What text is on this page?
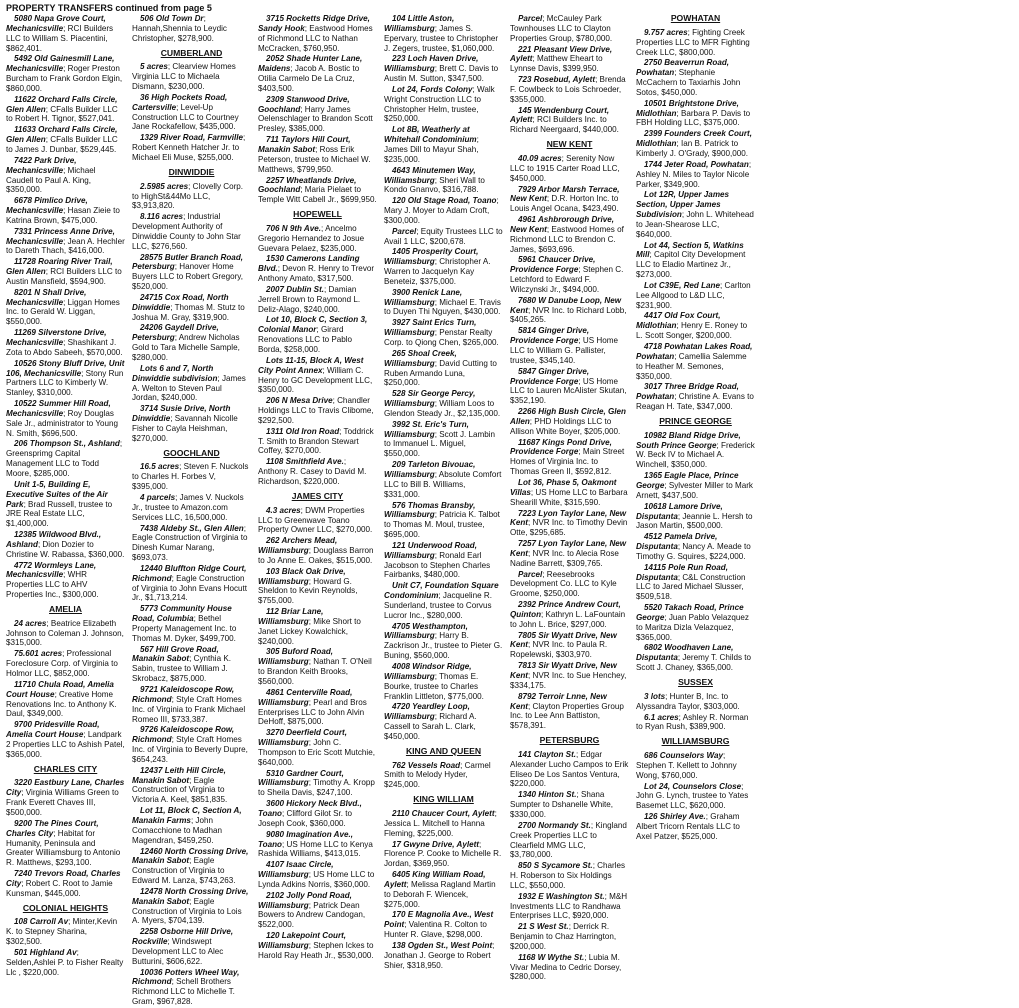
PROPERTY TRANSFERS continued from page 5
5080 Napa Grove Court, Mechanicsville; RCI Builders LLC to William S. Piacentini, $862,401.
5492 Old Gainesmill Lane, Mechanicsville; Roger Preston Burcham to Frank Gordon Elgin, $860,000.
11622 Orchard Falls Circle, Glen Allen; CFalls Builder LLC to Robert H. Tignor, $527,041.
11633 Orchard Falls Circle, Glen Allen; CFalls Builder LLC to James J. Dunbar, $529,445.
7422 Park Drive, Mechanicsville; Michael Caudell to Paul A. King, $350,000.
6678 Pimlico Drive, Mechanicsville; Hasan Zieie to Katrina Brown, $475,000.
7331 Princess Anne Drive, Mechanicsville; Jean A. Hechler to Dareth Thach, $416,000.
11728 Roaring River Trail, Glen Allen; RCI Builders LLC to Austin Mansfield, $594,900.
8201 N Shall Drive, Mechanicsville; Liggan Homes Inc. to Gerald W. Liggan, $550,000.
11269 Silverstone Drive, Mechanicsville; Shashikant J. Zota to Abdo Sabeeh, $570,000.
10526 Stony Bluff Drive, Unit 106, Mechanicsville; Stony Run Partners LLC to Kimberly W. Stanley, $310,000.
10522 Summer Hill Road, Mechanicsville; Roy Douglas Sale Jr., administrator to Young N. Smith, $696,500.
206 Thompson St., Ashland; Greensprimg Capital Management LLC to Todd Moore, $285,000.
Unit 1-5, Building E, Executive Suites of the Air Park; Brad Russell, trustee to JRE Real Estate LLC, $1,400,000.
12385 Wildwood Blvd., Ashland; Dion Dozier to Christine W. Rabassa, $360,000.
4772 Wormleys Lane, Mechanicsville; WHR Properties LLC to AHV Properties Inc., $300,000.
AMELIA
24 acres; Beatrice Elizabeth Johnson to Coleman J. Johnson, $315,000.
75.601 acres; Professional Foreclosure Corp. of Virginia to Holmor LLC, $852,000.
11710 Chula Road, Amelia Court House; Creative Home Renovations Inc. to Anthony K. Daul, $349,000.
9700 Pridesville Road, Amelia Court House; Landpark 2 Properties LLC to Ashish Patel, $365,000.
CHARLES CITY
3220 Eastbury Lane, Charles City; Virginia Williams Green to Frank Everett Chaves III, $500,000.
9200 The Pines Court, Charles City; Habitat for Humanity, Peninsula and Greater Williamsburg to Antonio R. Matthews, $293,100.
7240 Trevors Road, Charles City; Robert C. Root to Jamie Kunsman, $445,000.
COLONIAL HEIGHTS
108 Carroll Av; Minter,Kevin K. to Stepney Sharina, $302,500.
501 Highland Av; Selden,Ashlei P. to Fisher Realty Llc , $220,000.
506 Old Town Dr; Hannah,Shennia to Leydic Christopher, $278,900.
CUMBERLAND
5 acres; Clearview Homes Virginia LLC to Michaela Dismann, $230,000.
36 High Pockets Road, Cartersville; Level-Up Construction LLC to Courtney Jane Rockafellow, $435,000.
1329 River Road, Farmville; Robert Kenneth Hatcher Jr. to Michael Eli Muse, $255,000.
DINWIDDIE
2.5985 acres; Clovelly Corp. to HighSt&44Mo LLC, $3,913,820.
8.116 acres; Industrial Development Authority of Dinwiddie County to John Star LLC, $276,560.
28575 Butler Branch Road, Petersburg; Hanover Home Buyers LLC to Robert Gregory, $520,000.
24715 Cox Road, North Dinwiddie; Thomas M. Stutz to Joshua M. Gray, $319,900.
24206 Gaydell Drive, Petersburg; Andrew Nicholas Gold to Tara Michelle Sample, $280,000.
Lots 6 and 7, North Dinwiddie subdivision; James A. Welton to Steven Paul Jordan, $240,000.
3714 Susie Drive, North Dinwiddie; Savannah Nicolle Fisher to Cayla Heishman, $270,000.
GOOCHLAND
16.5 acres; Steven F. Nuckols to Charles H. Forbes V, $395,000.
4 parcels; James V. Nuckols Jr., trustee to Amazon.com Services LLC, 16,500,000.
7438 Aldeby St., Glen Allen; Eagle Construction of Virginia to Dinesh Kumar Narang, $693,073.
12440 Bluffton Ridge Court, Richmond; Eagle Construction of Virginia to John Evans Hocutt Jr., $1,713,214.
5773 Community House Road, Columbia; Bethel Property Management Inc. to Thomas M. Dyker, $499,700.
567 Hill Grove Road, Manakin Sabot; Cynthia K. Sabin, trustee to William J. Skrobacz, $875,000.
9721 Kaleidoscope Row, Richmond; Style Craft Homes Inc. of Virginia to Frank Michael Romeo III, $733,387.
9726 Kaleidoscope Row, Richmond; Style Craft Homes Inc. of Virginia to Beverly Dupre, $654,243.
12437 Leith Hill Circle, Manakin Sabot; Eagle Construction of Virginia to Victoria A. Keel, $851,835.
Lot 11, Block C, Section A, Manakin Farms; John Comacchione to Madhan Magendran, $459,250.
12460 North Crossing Drive, Manakin Sabot; Eagle Construction of Virginia to Edward M. Lanza, $743,263.
12478 North Crossing Drive, Manakin Sabot; Eagle Construction of Virginia to Lois A. Myers, $704,139.
2258 Osborne Hill Drive, Rockville; Windswept Development LLC to Alec Butturini, $606,622.
10036 Potters Wheel Way, Richmond; Schell Brothers Richmond LLC to Michelle T. Gram, $967,828.
3715 Rocketts Ridge Drive, Sandy Hook; Eastwood Homes of Richmond LLC to Nathan McCracken, $760,950.
2052 Shade Hunter Lane, Maidens; Jacob A. Bostic to Otilia Carmelo De La Cruz, $403,500.
2309 Stanwood Drive, Goochland; Harry James Oelenschlager to Brandon Scott Presley, $385,000.
711 Taylors Hill Court, Manakin Sabot; Ross Erik Peterson, trustee to Michael W. Matthews, $799,950.
2257 Wheatlands Drive, Goochland; Maria Pielaet to Temple Witt Cabell Jr., $699,950.
HOPEWELL
706 N 9th Ave.; Ancelmo Gregorio Hernandez to Josue Guevara Pelaez, $235,000.
1530 Camerons Landing Blvd.; Devon R. Henry to Trevor Anthony Amato, $317,500.
2007 Dublin St.; Damian Jerrell Brown to Raymond L. Deliz-Alago, $240,000.
Lot 10, Block C, Section 3, Colonial Manor; Girard Renovations LLC to Pablo Borda, $258,000.
Lots 11-15, Block A, West City Point Annex; William C. Henry to GC Development LLC, $350,000.
206 N Mesa Drive; Chandler Holdings LLC to Travis Clibome, $292,500.
1311 Old Iron Road; Toddrick T. Smith to Brandon Stewart Coffey, $270,000.
1108 Smithfield Ave.; Anthony R. Casey to David M. Richardson, $220,000.
JAMES CITY
4.3 acres; DWM Properties LLC to Greenwave Toano Property Owner LLC, $270,000.
262 Archers Mead, Williamsburg; Douglass Barron to Jo Anne E. Oakes, $515,000.
103 Black Oak Drive, Williamsburg; Howard G. Sheldon to Kevin Reynolds, $755,000.
112 Briar Lane, Williamsburg; Mike Short to Janet Lickey Kowalchick, $240,000.
305 Buford Road, Williamsburg; Nathan T. O'Neil to Brandon Keith Brooks, $560,000.
4861 Centerville Road, Williamsburg; Pearl and Bros Enterprises LLC to John Alvin DeHoff, $875,000.
3270 Deerfield Court, Williamsburg; John C. Thompson to Eric Scott Mutchie, $640,000.
5310 Gardner Court, Williamsburg; Timothy A. Kropp to Sheila Davis, $247,100.
3600 Hickory Neck Blvd., Toano; Clifford Gilot Sr. to Joseph Cook, $360,000.
9080 Imagination Ave., Toano; US Home LLC to Kenya Rashida Williams, $413,015.
4107 Isaac Circle, Williamsburg; US Home LLC to Lynda Adkins Norris, $360,000.
2102 Jolly Pond Road, Williamsburg; Patrick Dean Bowers to Andrew Candogan, $522,000.
120 Lakepoint Court, Williamsburg; Stephen Ickes to Harold Ray Heath Jr., $530,000.
104 Little Aston, Williamsburg; James S. Epervary, trustee to Christopher J. Zegers, trustee, $1,060,000.
223 Loch Haven Drive, Williamsburg; Brett C. Davis to Austin M. Sutton, $347,500.
Lot 24, Fords Colony; Walk Wright Construction LLC to Christopher Helm, trustee, $250,000.
Lot 8B, Weatherly at Whitehall Condominium; James Dill to Mayur Shah, $235,000.
4643 Minutemen Way, Williamsburg; Sheri Wall to Kondo Gnanvo, $316,788.
120 Old Stage Road, Toano; Mary J. Moyer to Adam Croft, $300,000.
Parcel; Equity Trustees LLC to Avail 1 LLC, $200,678.
1405 Prosperity Court, Williamsburg; Christopher A. Warren to Jacquelyn Kay Beneteiz, $375,000.
3900 Renick Lane, Williamsburg; Michael E. Travis to Duyen Thi Nguyen, $430,000.
3927 Saint Erics Turn, Williamsburg; Penstar Realty Corp. to Qiong Chen, $265,000.
265 Shoal Creek, Williamsburg; David Cutting to Ruben Armando Luna, $250,000.
528 Sir George Percy, Williamsburg; William Loos to Glendon Steady Jr., $2,135,000.
3992 St. Eric's Turn, Williamsburg; Scott J. Lambin to Immanuel L. Miguel, $550,000.
209 Tarleton Bivouac, Williamsburg; Absolute Comfort LLC to Bill B. Williams, $331,000.
576 Thomas Bransby, Williamsburg; Patricia K. Talbot to Thomas M. Moul, trustee, $695,000.
121 Underwood Road, Williamsburg; Ronald Earl Jacobson to Stephen Charles Fairbanks, $480,000.
Unit C7, Foundation Square Condominium; Jacqueline R. Sunderland, trustee to Corvus Lucror Inc., $280,000.
4705 Westhampton, Williamsburg; Harry B. Zackrison Jr., trustee to Pieter G. Buning, $560,000.
4008 Windsor Ridge, Williamsburg; Thomas E. Bourke, trustee to Charles Franklin Littleton, $775,000.
4720 Yeardley Loop, Williamsburg; Richard A. Cassell to Sarah L. Clark, $450,000.
KING AND QUEEN
762 Vessels Road; Carmel Smith to Melody Hyder, $245,000.
KING WILLIAM
2110 Chaucer Court, Aylett; Jessica L. Mitchell to Hanna Fleming, $225,000.
17 Gwyne Drive, Aylett; Florence P. Cooke to Michelle R. Jordan, $369,950.
6405 King William Road, Aylett; Melissa Ragland Martin to Deborah F. Wiencek, $275,000.
170 E Magnolia Ave., West Point; Valentina R. Colton to Hunter R. Glave, $298,000.
138 Ogden St., West Point; Jonathan J. George to Robert Shier, $318,950.
Parcel; McCauley Park Townhouses LLC to Clayton Properties Group, $780,000.
221 Pleasant View Drive, Aylett; Matthew Eheart to Lynnse Davis, $399,950.
723 Rosebud, Aylett; Brenda F. Cowlbeck to Lois Schroeder, $355,000.
145 Wendenburg Court, Aylett; RCI Builders Inc. to Richard Neergaard, $440,000.
NEW KENT
40.09 acres; Serenity Now LLC to 1915 Carter Road LLC, $450,000.
7929 Arbor Marsh Terrace, New Kent; D.R. Horton Inc. to Louis Angel Ocana, $423,490.
4961 Ashbrorough Drive, New Kent; Eastwood Homes of Richmond LLC to Brendon C. James, $693,696.
5961 Chaucer Drive, Providence Forge; Stephen C. Letchford to Edward F. Wilczynski Jr., $494,000.
7680 W Danube Loop, New Kent; NVR Inc. to Richard Lobb, $405,265.
5814 Ginger Drive, Providence Forge; US Home LLC to William G. Pallister, trustee, $345,140.
5847 Ginger Drive, Providence Forge; US Home LLC to Lauren McAlister Skutan, $352,190.
2266 High Bush Circle, Glen Allen; PHD Holdings LLC to Allison White Boyer, $205,000.
11687 Kings Pond Drive, Providence Forge; Main Street Homes of Virginia Inc. to Thomas Green II, $592,812.
Lot 36, Phase 5, Oakmont Villas; US Home LLC to Barbara Shearill White, $315,590.
7223 Lyon Taylor Lane, New Kent; NVR Inc. to Timothy Devin Otte, $295,685.
7257 Lyon Taylor Lane, New Kent; NVR Inc. to Alecia Rose Nadine Barrett, $309,765.
Parcel; Reesebrooks Development Co. LLC to Kyle Groome, $250,000.
2392 Prince Andrew Court, Quinton; Kathryn L. LaFountain to John L. Brice, $297,000.
7805 Sir Wyatt Drive, New Kent; NVR Inc. to Paula R. Ropelewski, $303,970.
7813 Sir Wyatt Drive, New Kent; NVR Inc. to Sue Henchey, $334,175.
8792 Terroir Lnne, New Kent; Clayton Properties Group Inc. to Lee Ann Battiston, $578,391.
PETERSBURG
141 Clayton St.; Edgar Alexander Lucho Campos to Erik Eliseo De Los Santos Ventura, $220,000.
1340 Hinton St.; Shana Sumpter to Dshanelle White, $330,000.
2700 Normandy St.; Kingland Creek Properties LLC to Clearfield MMG LLC, $3,780,000.
850 S Sycamore St.; Charles H. Roberson to Six Holdings LLC, $550,000.
1932 E Washington St.; M&H Investments LLC to Randhawa Enterprises LLC, $920,000.
21 S West St.; Derrick R. Benjamin to Chaz Harrington, $200,000.
1168 W Wythe St.; Lubia M. Vivar Medina to Cedric Dorsey, $280,000.
POWHATAN
9.757 acres; Fighting Creek Properties LLC to MFR Fighting Creek LLC, $800,000.
2750 Beaverrun Road, Powhatan; Stephanie McCachern to Taxiarhis John Sotos, $450,000.
10501 Brightstone Drive, Midlothian; Barbara P. Davis to FBH Holding LLC, $375,000.
2399 Founders Creek Court, Midlothian; Ian B. Patrick to Kimberly J. O'Grady, $900,000.
1744 Jeter Road, Powhatan; Ashley N. Miles to Taylor Nicole Parker, $349,900.
Lot 12R, Upper James Section, Upper James Subdivision; John L. Whitehead to Jean-Shearose LLC, $640,000.
Lot 44, Section 5, Watkins Mill; Capitol City Development LLC to Eladio Martinez Jr., $273,000.
Lot C39E, Red Lane; Carlton Lee Allgood to L&D LLC, $231,900.
4417 Old Fox Court, Midlothian; Henry E. Roney to L. Scott Songer, $200,000.
4718 Powhatan Lakes Road, Powhatan; Camellia Salemme to Heather M. Semones, $350,000.
3017 Three Bridge Road, Powhatan; Christine A. Evans to Reagan H. Tate, $347,000.
PRINCE GEORGE
10982 Bland Ridge Drive, South Prince George; Frederick W. Beck IV to Michael A. Winchell, $350,000.
1365 Eagle Place, Prince George; Sylvester Miller to Mark Arnett, $437,500.
10618 Lamore Drive, Disputanta; Jeannie L. Hersh to Jason Martin, $500,000.
4512 Pamela Drive, Disputanta; Nancy A. Meade to Timothy G. Squires, $224,000.
14115 Pole Run Road, Disputanta; C&L Construction LLC to Jared Michael Slusser, $509,518.
5520 Takach Road, Prince George; Juan Pablo Velazquez to Maritza Dizla Velazquez, $365,000.
6802 Woodhaven Lane, Disputanta; Jeremy T. Childs to Scott J. Chaney, $365,000.
SUSSEX
3 lots; Hunter B, Inc. to Alyssandra Taylor, $303,000.
6.1 acres; Ashley R. Norman to Ryan Rush, $389,900.
WILLIAMSBURG
686 Counselors Way; Stephen T. Kellett to Johnny Wong, $760,000.
Lot 24, Counselors Close; John G. Lynch, trustee to Yates Basemet LLC, $620,000.
126 Shirley Ave.; Graham Albert Tricorn Rentals LLC to Axel Patzer, $525,000.
